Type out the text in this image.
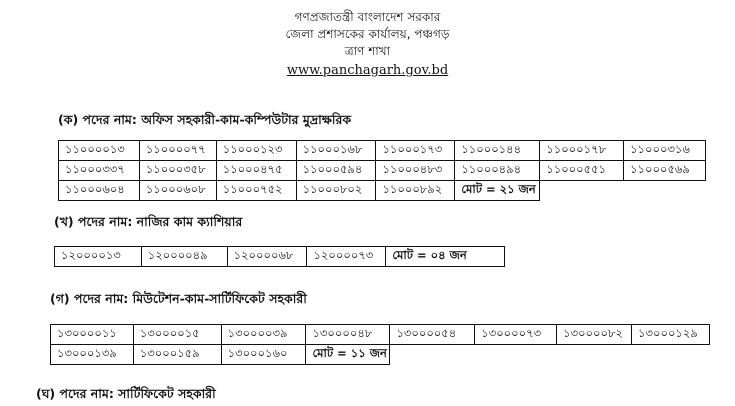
গণপ্রজাতন্ত্রী বাংলাদেশ সরকার
জেলা প্রশাসকের কার্যালয়, পঞ্চগড়
ত্রাণ শাখা
www.panchagarh.gov.bd
(ক) পদের নাম: অফিস সহকারী-কাম-কম্পিউটার মুদ্রাক্ষরিক
১১০০০০১৩	১১০০০০৭৭	১১০০০১২৩	১১০০০১৬৮	১১০০০১৭৩	১১০০০১৪৪	১১০০০১৭৮	১১০০০৩১৬
১১০০০৩৩৭	১১০০০৩৫৮	১১০০০৪৭৫	১১০০০৫৯৪	১১০০০৪৮৩	১১০০০৪৯৪	১১০০০৫৫১	১১০০০৫৬৯
১১০০০৬০৪	১১০০০৬০৮	১১০০০৭৫২	১১০০০৮০২	১১০০০৮৯২	মোট = ২১ জন		
(খ) পদের নাম: নাজির কাম ক্যাশিয়ার
১২০০০০১৩	১২০০০০৪৯	১২০০০০৬৮	১২০০০০৭৩	মোট = ০৪ জন
(গ) পদের নাম: মিউটেশন-কাম-সার্টিফিকেট সহকারী
১৩০০০০১১	১৩০০০০১৫	১৩০০০০৩৯	১৩০০০০৪৮	১৩০০০০৫৪	১৩০০০০৭৩	১৩০০০০৮২	১৩০০০১২৯
১৩০০০১৩৯	১৩০০০১৫৯	১৩০০০১৬০	মোট = ১১ জন				
(ঘ) পদের নাম: সার্টিফিকেট সহকারী
